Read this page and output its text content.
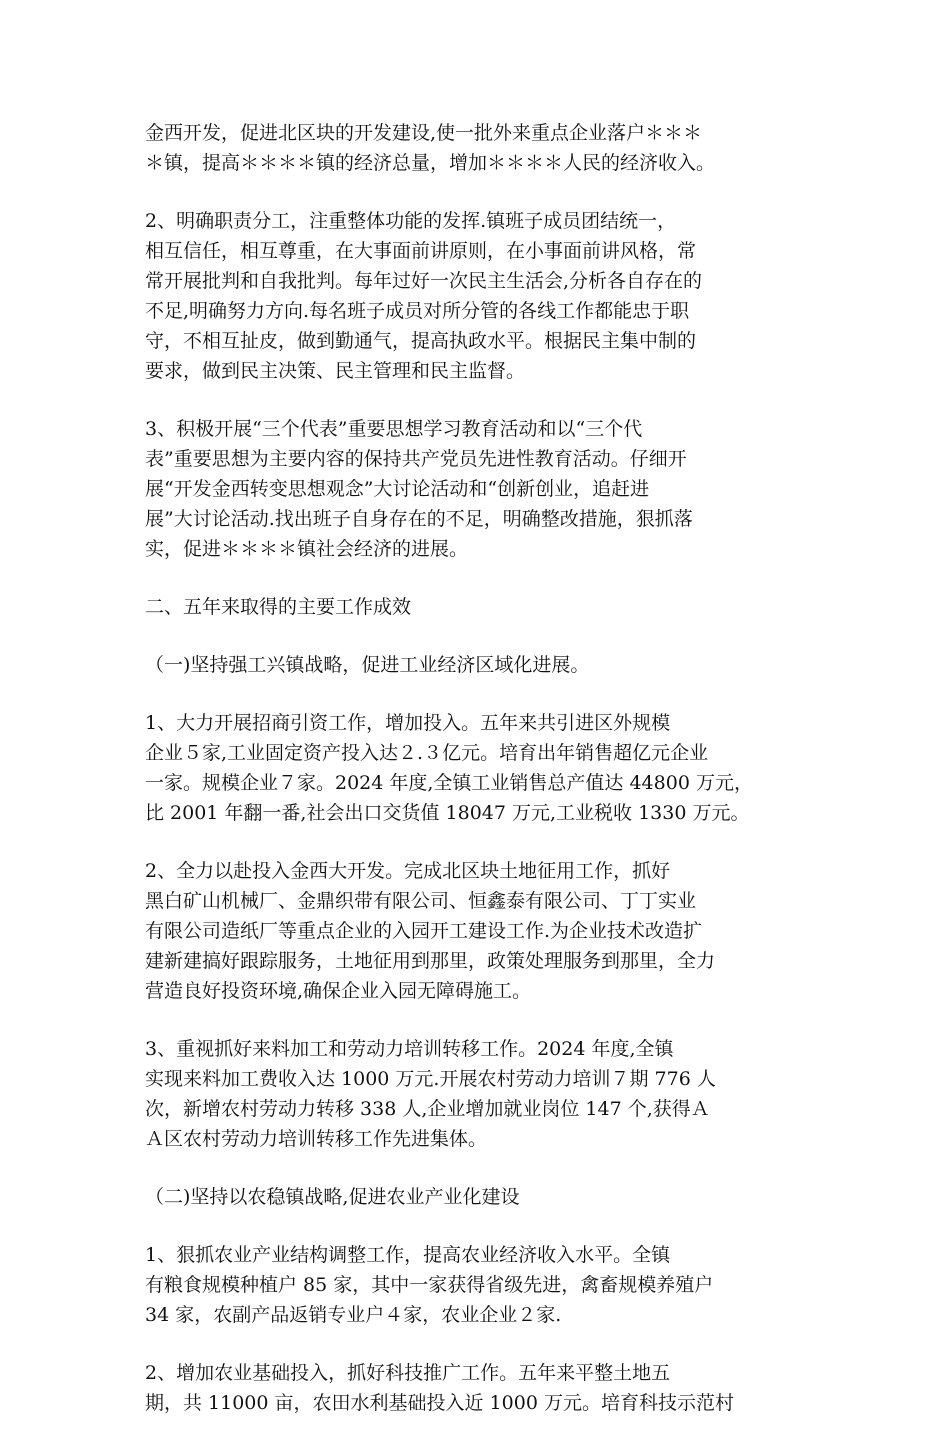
金西开发，促进北区块的开发建设,使一批外来重点企业落户＊＊＊
＊镇，提高＊＊＊＊镇的经济总量，增加＊＊＊＊人民的经济收入。

2、明确职责分工，注重整体功能的发挥.镇班子成员团结统一，
相互信任，相互尊重，在大事面前讲原则，在小事面前讲风格，常
常开展批判和自我批判。每年过好一次民主生活会,分析各自存在的
不足,明确努力方向.每名班子成员对所分管的各线工作都能忠于职
守，不相互扯皮，做到勤通气，提高执政水平。根据民主集中制的
要求，做到民主决策、民主管理和民主监督。

3、积极开展“三个代表”重要思想学习教育活动和以“三个代
表”重要思想为主要内容的保持共产党员先进性教育活动。仔细开
展“开发金西转变思想观念”大讨论活动和“创新创业，追赶进
展”大讨论活动.找出班子自身存在的不足，明确整改措施，狠抓落
实，促进＊＊＊＊镇社会经济的进展。

二、五年来取得的主要工作成效

（一)坚持强工兴镇战略，促进工业经济区域化进展。

1、大力开展招商引资工作，增加投入。五年来共引进区外规模
企业５家,工业固定资产投入达２.３亿元。培育出年销售超亿元企业
一家。规模企业７家。2024 年度,全镇工业销售总产值达 44800 万元，
比 2001 年翻一番,社会出口交货值 18047 万元,工业税收 1330 万元。

2、全力以赴投入金西大开发。完成北区块土地征用工作，抓好
黑白矿山机械厂、金鼎织带有限公司、恒鑫泰有限公司、丁丁实业
有限公司造纸厂等重点企业的入园开工建设工作.为企业技术改造扩
建新建搞好跟踪服务，土地征用到那里，政策处理服务到那里，全力
营造良好投资环境,确保企业入园无障碍施工。

3、重视抓好来料加工和劳动力培训转移工作。2024 年度,全镇
实现来料加工费收入达 1000 万元.开展农村劳动力培训７期 776 人
次，新增农村劳动力转移 338 人,企业增加就业岗位 147 个,获得Ａ
Ａ区农村劳动力培训转移工作先进集体。

（二)坚持以农稳镇战略,促进农业产业化建设

1、狠抓农业产业结构调整工作，提高农业经济收入水平。全镇
有粮食规模种植户 85 家，其中一家获得省级先进，禽畜规模养殖户
34 家，农副产品返销专业户４家，农业企业２家.

2、增加农业基础投入，抓好科技推广工作。五年来平整土地五
期，共 11000 亩，农田水利基础投入近 1000 万元。培育科技示范村
